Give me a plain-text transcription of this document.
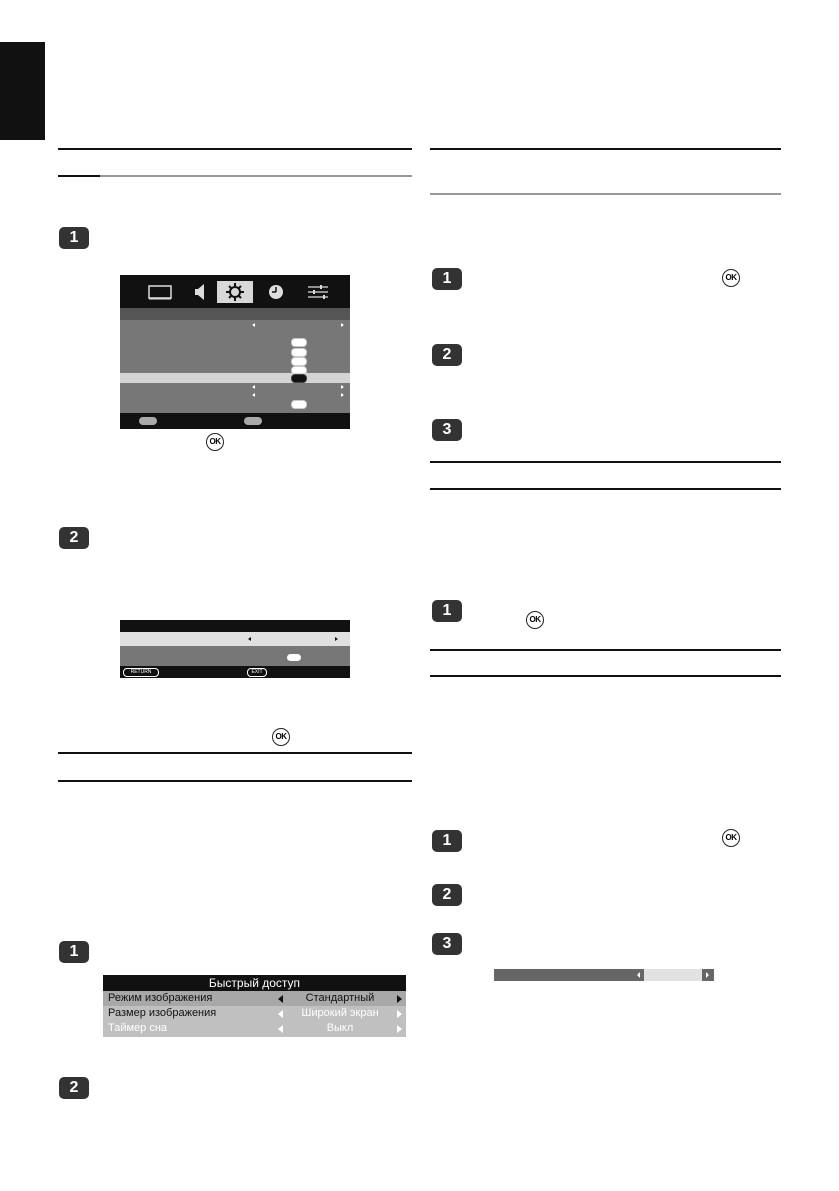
1
OK
2
RETURN	EXIT
OK
1
Быстрый доступ
Режим изображения	Стандартный
Размер изображения	Широкий экран
Таймер сна	Выкл
2
1	OK
2
3
1
OK
1	OK
2
3
